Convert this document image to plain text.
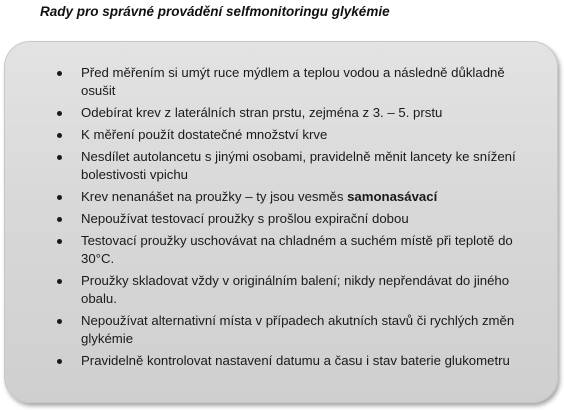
Rady pro správné provádění selfmonitoringu glykémie
Před měřením si umýt ruce mýdlem a teplou vodou a následně důkladně osušit
Odebírat krev z laterálních stran prstu, zejména z 3. – 5. prstu
K měření použít dostatečné množství krve
Nesdílet autolancetu s jinými osobami, pravidelně měnit lancety ke snížení bolestivosti vpichu
Krev nenanášet na proužky – ty jsou vesměs samonasávací
Nepoužívat testovací proužky s prošlou expirační dobou
Testovací proužky uschovávat na chladném a suchém místě při teplotě do 30°C.
Proužky skladovat vždy v originálním balení; nikdy nepřendávat do jiného obalu.
Nepoužívat alternativní místa v případech akutních stavů či rychlých změn glykémie
Pravidelně kontrolovat nastavení datumu a času i stav baterie glukometru
